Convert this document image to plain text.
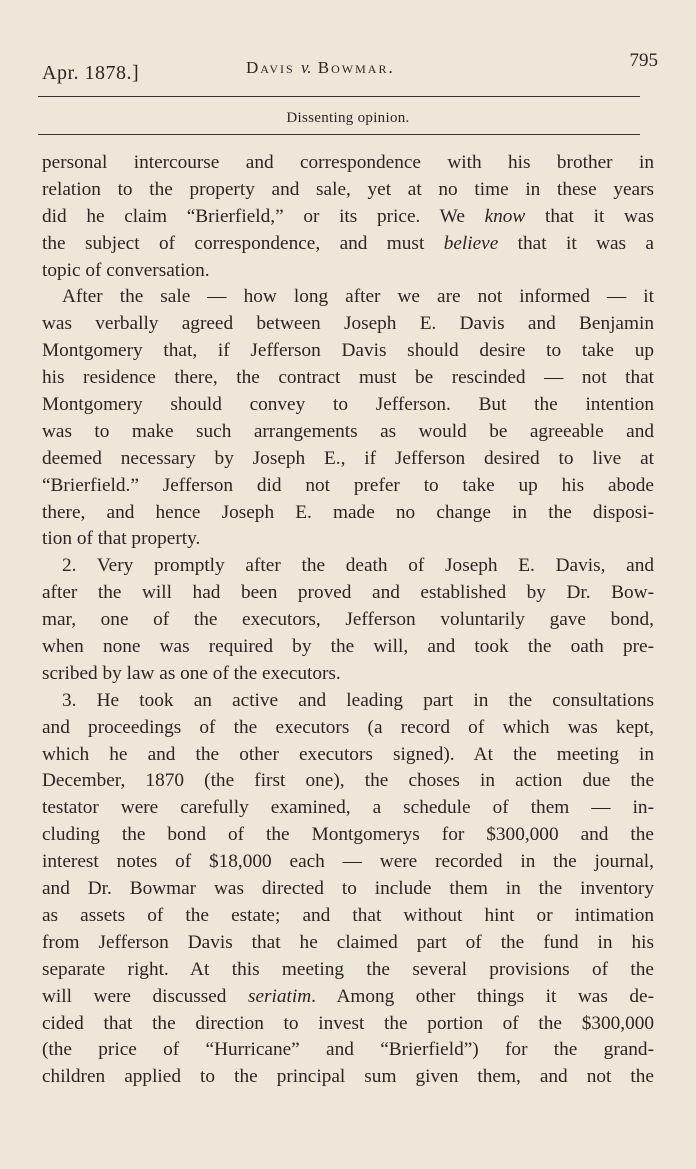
Apr. 1878.]	Davis v. Bowmar.	795
Dissenting opinion.
personal intercourse and correspondence with his brother in
relation to the property and sale, yet at no time in these years
did he claim “Brierfield,” or its price. We know that it was
the subject of correspondence, and must believe that it was a
topic of conversation.
After the sale — how long after we are not informed — it
was verbally agreed between Joseph E. Davis and Benjamin
Montgomery that, if Jefferson Davis should desire to take up
his residence there, the contract must be rescinded — not that
Montgomery should convey to Jefferson. But the intention
was to make such arrangements as would be agreeable and
deemed necessary by Joseph E., if Jefferson desired to live at
“Brierfield.” Jefferson did not prefer to take up his abode
there, and hence Joseph E. made no change in the disposi-
tion of that property.
2. Very promptly after the death of Joseph E. Davis, and
after the will had been proved and established by Dr. Bow-
mar, one of the executors, Jefferson voluntarily gave bond,
when none was required by the will, and took the oath pre-
scribed by law as one of the executors.
3. He took an active and leading part in the consultations
and proceedings of the executors (a record of which was kept,
which he and the other executors signed). At the meeting in
December, 1870 (the first one), the choses in action due the
testator were carefully examined, a schedule of them — in-
cluding the bond of the Montgomerys for $300,000 and the
interest notes of $18,000 each — were recorded in the journal,
and Dr. Bowmar was directed to include them in the inventory
as assets of the estate; and that without hint or intimation
from Jefferson Davis that he claimed part of the fund in his
separate right. At this meeting the several provisions of the
will were discussed seriatim. Among other things it was de-
cided that the direction to invest the portion of the $300,000
(the price of “Hurricane” and “Brierfield”) for the grand-
children applied to the principal sum given them, and not the
